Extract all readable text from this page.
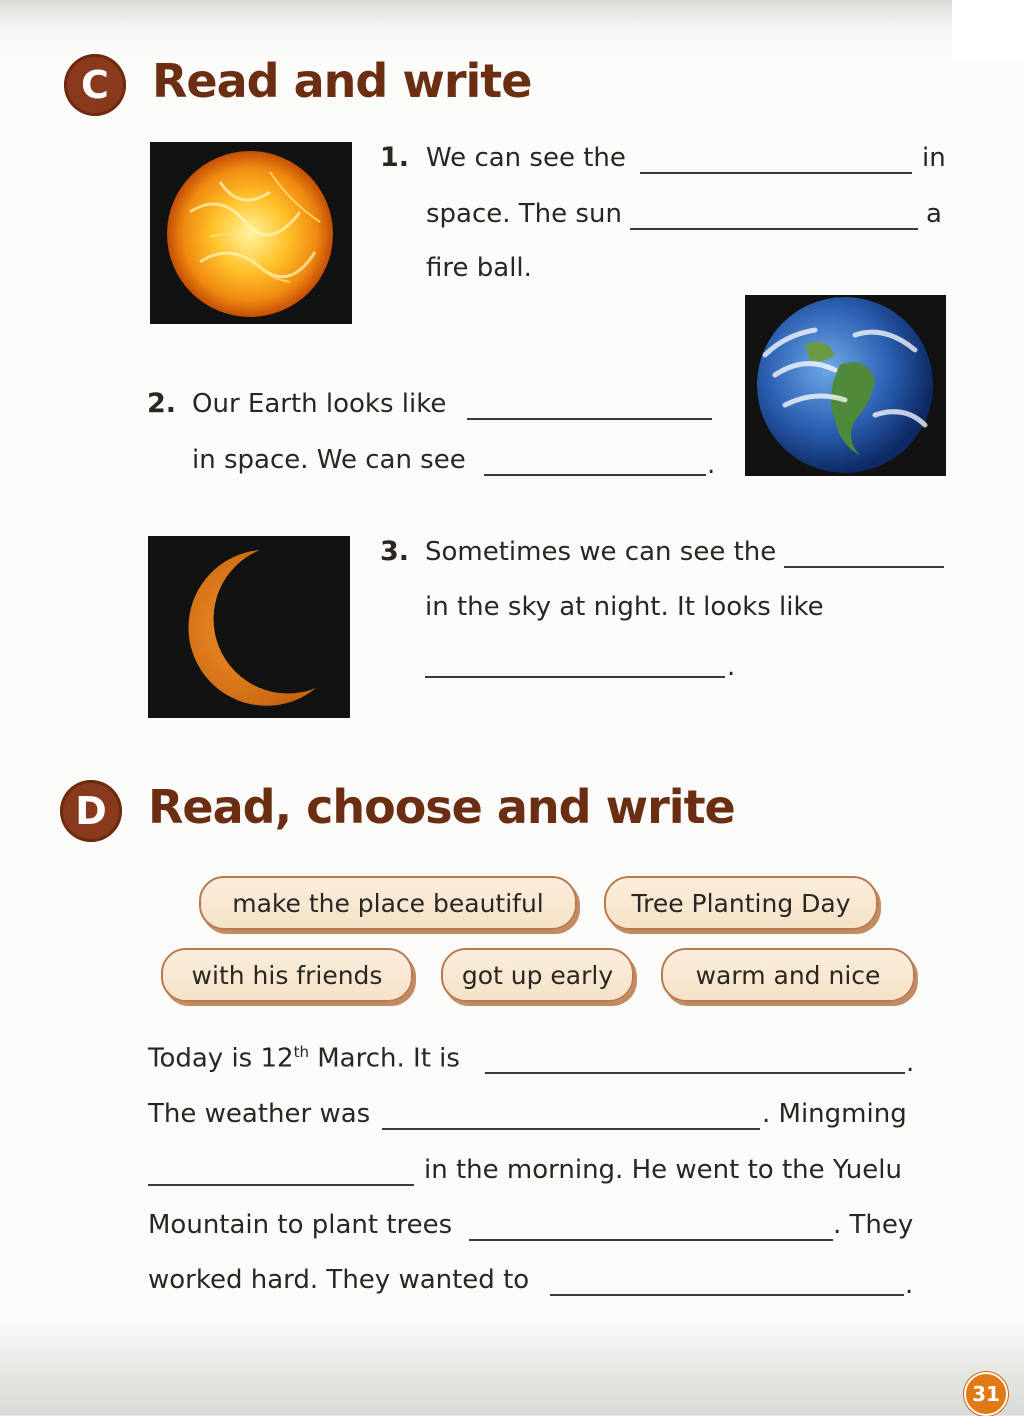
C Read and write
1. We can see the	in
space. The sun	a
fire ball.
2. Our Earth looks like
in space. We can see	.
3. Sometimes we can see the
in the sky at night. It looks like
.
D Read, choose and write
make the place beautiful	Tree Planting Day
with his friends	got up early	warm and nice
Today is 12th March. It is	.
The weather was	. Mingming
in the morning. He went to the Yuelu
Mountain to plant trees	. They
worked hard. They wanted to	.
31
